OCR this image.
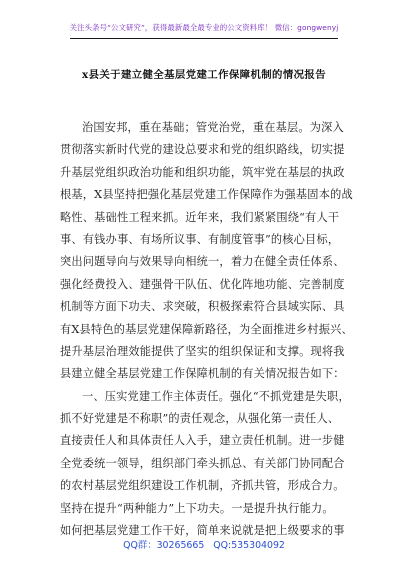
关注头条号“公文研究”，获得最新最全最专业的公文资料库！ 微信：gongwenyj
x县关于建立健全基层党建工作保障机制的情况报告
治国安邦，重在基础；管党治党，重在基层。为深入
贯彻落实新时代党的建设总要求和党的组织路线，切实提
升基层党组织政治功能和组织功能，筑牢党在基层的执政
根基，X县坚持把强化基层党建工作保障作为强基固本的战
略性、基础性工程来抓。近年来，我们紧紧围绕“有人干
事、有钱办事、有场所议事、有制度管事”的核心目标，
突出问题导向与效果导向相统一，着力在健全责任体系、
强化经费投入、建强骨干队伍、优化阵地功能、完善制度
机制等方面下功夫、求突破，积极探索符合县域实际、具
有X县特色的基层党建保障新路径，为全面推进乡村振兴、
提升基层治理效能提供了坚实的组织保证和支撑。现将我
县建立健全基层党建工作保障机制的有关情况报告如下：
一、压实党建工作主体责任。强化“不抓党建是失职，
抓不好党建是不称职”的责任观念，从强化第一责任人、
直接责任人和具体责任人入手，建立责任机制。进一步健
全党委统一领导，组织部门牵头抓总、有关部门协同配合
的农村基层党组织建设工作机制，齐抓共管，形成合力。
坚持在提升“两种能力”上下功夫。一是提升执行能力。
如何把基层党建工作干好，简单来说就是把上级要求的事
QQ群：30265665 QQ:535304092
